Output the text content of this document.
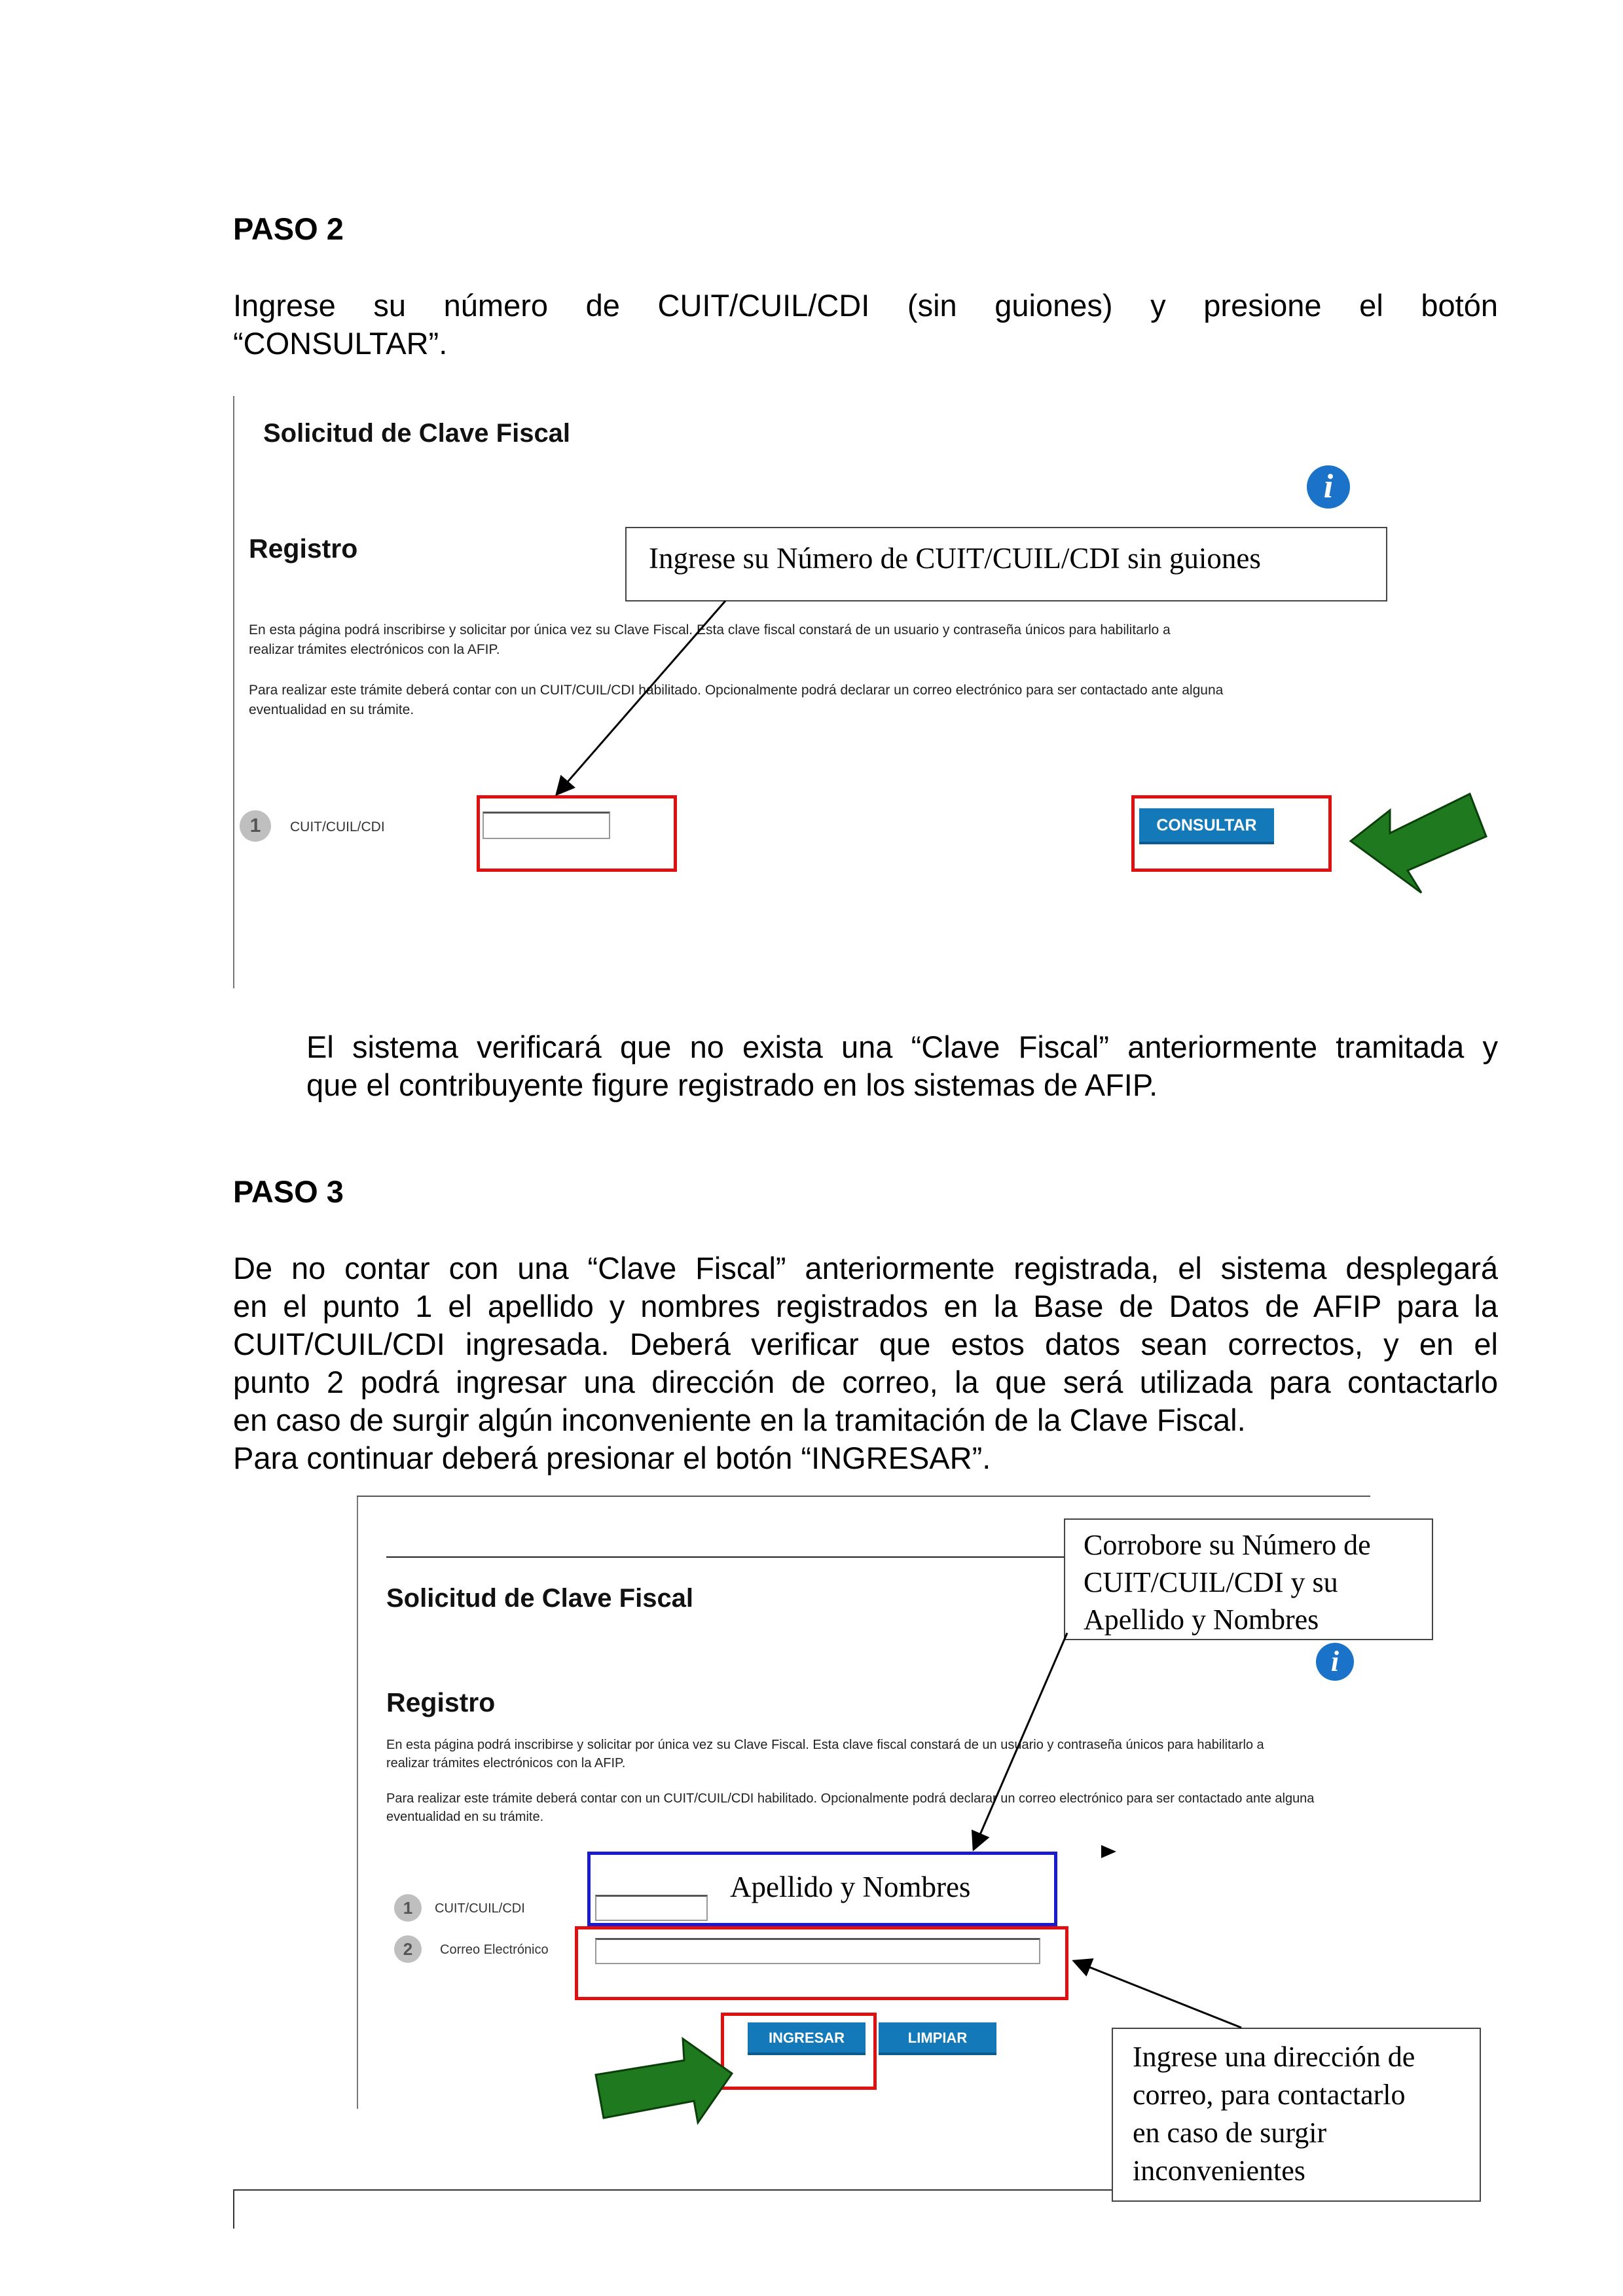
PASO 2
Ingrese su número de CUIT/CUIL/CDI (sin guiones) y presione el botón
“CONSULTAR”.
Solicitud de Clave Fiscal
Registro
i
Ingrese su Número de CUIT/CUIL/CDI sin guiones
En esta página podrá inscribirse y solicitar por única vez su Clave Fiscal. Esta clave fiscal constará de un usuario y contraseña únicos para habilitarlo a
realizar trámites electrónicos con la AFIP.
Para realizar este trámite deberá contar con un CUIT/CUIL/CDI habilitado. Opcionalmente podrá declarar un correo electrónico para ser contactado ante alguna
eventualidad en su trámite.
1	CUIT/CUIL/CDI	CONSULTAR
El sistema verificará que no exista una “Clave Fiscal” anteriormente tramitada y
que el contribuyente figure registrado en los sistemas de AFIP.
PASO 3
De no contar con una “Clave Fiscal” anteriormente registrada, el sistema desplegará
en el punto 1 el apellido y nombres registrados en la Base de Datos de AFIP para la
CUIT/CUIL/CDI ingresada. Deberá verificar que estos datos sean correctos, y en el
punto 2 podrá ingresar una dirección de correo, la que será utilizada para contactarlo
en caso de surgir algún inconveniente en la tramitación de la Clave Fiscal.
Para continuar deberá presionar el botón “INGRESAR”.
Solicitud de Clave Fiscal
Registro
i
Corrobore su Número de
CUIT/CUIL/CDI y su
Apellido y Nombres
En esta página podrá inscribirse y solicitar por única vez su Clave Fiscal. Esta clave fiscal constará de un usuario y contraseña únicos para habilitarlo a
realizar trámites electrónicos con la AFIP.
Para realizar este trámite deberá contar con un CUIT/CUIL/CDI habilitado. Opcionalmente podrá declarar un correo electrónico para ser contactado ante alguna
eventualidad en su trámite.
1	CUIT/CUIL/CDI
2	Correo Electrónico
Apellido y Nombres
INGRESAR	LIMPIAR
Ingrese una dirección de
correo, para contactarlo
en caso de surgir
inconvenientes
